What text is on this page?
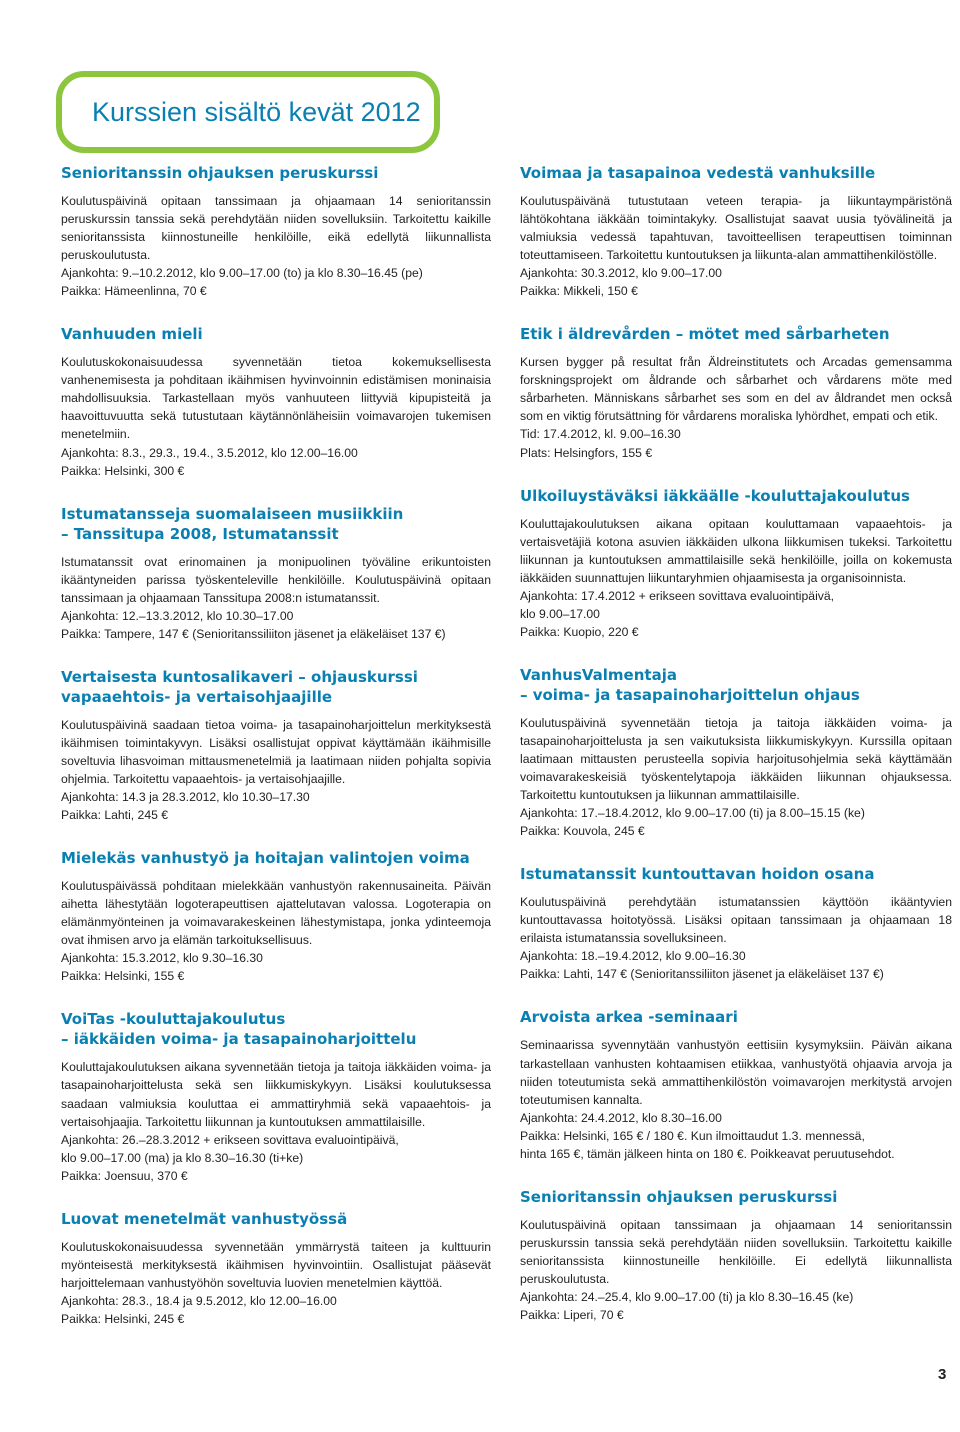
Kurssien sisältö kevät 2012
Senioritanssin ohjauksen peruskurssi

Koulutuspäivinä opitaan tanssimaan ja ohjaamaan 14 senioritanssin peruskurssin tanssia sekä perehdytään niiden sovelluksiin. Tarkoitettu kaikille senioritanssista kiinnostuneille henkilöille, eikä edellytä liikunnallista peruskoulutusta.

Ajankohta: 9.–10.2.2012, klo 9.00–17.00 (to) ja klo 8.30–16.45 (pe)
Paikka: Hämeenlinna, 70 €
Vanhuuden mieli

Koulutuskokonaisuudessa syvennetään tietoa kokemuksellisesta vanhenemisesta ja pohditaan ikäihmisen hyvinvoinnin edistämisen moninaisia mahdollisuuksia. Tarkastellaan myös vanhuuteen liittyviä kipupisteitä ja haavoittuvuutta sekä tutustutaan käytännönläheisiin voimavarojen tukemisen menetelmiin.

Ajankohta: 8.3., 29.3., 19.4., 3.5.2012, klo 12.00–16.00
Paikka: Helsinki, 300 €
Istumatansseja suomalaiseen musiikkiin
– Tanssitupa 2008, Istumatanssit

Istumatanssit ovat erinomainen ja monipuolinen työväline erikuntoisten ikääntyneiden parissa työskenteleville henkilöille. Koulutuspäivinä opitaan tanssimaan ja ohjaamaan Tanssitupa 2008:n istumatanssit.

Ajankohta: 12.–13.3.2012, klo 10.30–17.00
Paikka: Tampere, 147 € (Senioritanssiliiton jäsenet ja eläkeläiset 137 €)
Vertaisesta kuntosalikaveri – ohjauskurssi
vapaaehtois- ja vertaisohjaajille

Koulutuspäivinä saadaan tietoa voima- ja tasapainoharjoittelun merkityksestä ikäihmisen toimintakyvyn. Lisäksi osallistujat oppivat käyttämään ikäihmisille soveltuvia lihasvoiman mittausmenetelmiä ja laatimaan niiden pohjalta sopivia ohjelmia. Tarkoitettu vapaaehtois- ja vertaisohjaajille.

Ajankohta: 14.3 ja 28.3.2012, klo 10.30–17.30
Paikka: Lahti, 245 €
Mielekäs vanhustyö ja hoitajan valintojen voima

Koulutuspäivässä pohditaan mielekkään vanhustyön rakennusaineita. Päivän aihetta lähestytään logoterapeuttisen ajattelutavan valossa. Logoterapia on elämänmyönteinen ja voimavarakeskeinen lähestymistapa, jonka ydinteemoja ovat ihmisen arvo ja elämän tarkoituksellisuus.

Ajankohta: 15.3.2012, klo 9.30–16.30
Paikka: Helsinki, 155 €
VoiTas -kouluttajakoulutus
– iäkkäiden voima- ja tasapainoharjoittelu

Kouluttajakoulutuksen aikana syvennetään tietoja ja taitoja iäkkäiden voima- ja tasapainoharjoittelusta sekä sen liikkumiskykyyn. Lisäksi koulutuksessa saadaan valmiuksia kouluttaa ei ammattiryhmiä sekä vapaaehtois- ja vertaisohjaajia. Tarkoitettu liikunnan ja kuntoutuksen ammattilaisille.

Ajankohta: 26.–28.3.2012 + erikseen sovittava evaluointipäivä,
klo 9.00–17.00 (ma) ja klo 8.30–16.30 (ti+ke)
Paikka: Joensuu, 370 €
Luovat menetelmät vanhustyössä

Koulutuskokonaisuudessa syvennetään ymmärrystä taiteen ja kulttuurin myönteisestä merkityksestä ikäihmisen hyvinvointiin. Osallistujat pääsevät harjoittelemaan vanhustyöhön soveltuvia luovien menetelmien käyttöä.

Ajankohta: 28.3., 18.4 ja 9.5.2012, klo 12.00–16.00
Paikka: Helsinki, 245 €
Voimaa ja tasapainoa vedestä vanhuksille

Koulutuspäivänä tutustutaan veteen terapia- ja liikuntaympäristönä lähtökohtana iäkkään toimintakyky. Osallistujat saavat uusia työvälineitä ja valmiuksia vedessä tapahtuvan, tavoitteellisen terapeuttisen toiminnan toteuttamiseen. Tarkoitettu kuntoutuksen ja liikunta-alan ammattihenkilöstölle.

Ajankohta: 30.3.2012, klo 9.00–17.00
Paikka: Mikkeli, 150 €
Etik i äldrevården – mötet med sårbarheten

Kursen bygger på resultat från Äldreinstitutets och Arcadas gemensamma forskningsprojekt om åldrande och sårbarhet och vårdarens möte med sårbarheten. Människans sårbarhet ses som en del av åldrandet men också som en viktig förutsättning för vårdarens moraliska lyhördhet, empati och etik.

Tid: 17.4.2012, kl. 9.00–16.30
Plats: Helsingfors, 155 €
Ulkoiluystäväksi iäkkäälle -kouluttajakoulutus

Kouluttajakoulutuksen aikana opitaan kouluttamaan vapaaehtois- ja vertaisvetäjiä kotona asuvien iäkkäiden ulkona liikkumisen tukeksi. Tarkoitettu liikunnan ja kuntoutuksen ammattilaisille sekä henkilöille, joilla on kokemusta iäkkäiden suunnattujen liikuntaryhmien ohjaamisesta ja organisoinnista.

Ajankohta: 17.4.2012 + erikseen sovittava evaluointipäivä,
klo 9.00–17.00
Paikka: Kuopio, 220 €
VanhusValmentaja
– voima- ja tasapainoharjoittelun ohjaus

Koulutuspäivinä syvennetään tietoja ja taitoja iäkkäiden voima- ja tasapainoharjoittelusta ja sen vaikutuksista liikkumiskykyyn. Kurssilla opitaan laatimaan mittausten perusteella sopivia harjoitusohjelmia sekä käyttämään voimavarakeskeisiä työskentelytapoja iäkkäiden liikunnan ohjauksessa. Tarkoitettu kuntoutuksen ja liikunnan ammattilaisille.

Ajankohta: 17.–18.4.2012, klo 9.00–17.00 (ti) ja 8.00–15.15 (ke)
Paikka: Kouvola, 245 €
Istumatanssit kuntouttavan hoidon osana

Koulutuspäivinä perehdytään istumatanssien käyttöön ikääntyvien kuntouttavassa hoitotyössä. Lisäksi opitaan tanssimaan ja ohjaamaan 18 erilaista istumatanssia sovelluksineen.

Ajankohta: 18.–19.4.2012, klo 9.00–16.30
Paikka: Lahti, 147 € (Senioritanssiliiton jäsenet ja eläkeläiset 137 €)
Arvoista arkea -seminaari

Seminaarissa syvennytään vanhustyön eettisiin kysymyksiin. Päivän aikana tarkastellaan vanhusten kohtaamisen etiikkaa, vanhustyötä ohjaavia arvoja ja niiden toteutumista sekä ammattihenkilöstön voimavarojen merkitystä arvojen toteutumisen kannalta.

Ajankohta: 24.4.2012, klo 8.30–16.00
Paikka: Helsinki, 165 € / 180 €. Kun ilmoittaudut 1.3. mennessä,
hinta 165 €, tämän jälkeen hinta on 180 €. Poikkeavat peruutusehdot.
Senioritanssin ohjauksen peruskurssi

Koulutuspäivinä opitaan tanssimaan ja ohjaamaan 14 senioritanssin peruskurssin tanssia sekä perehdytään niiden sovelluksiin. Tarkoitettu kaikille senioritanssista kiinnostuneille henkilöille. Ei edellytä liikunnallista peruskoulutusta.

Ajankohta: 24.–25.4, klo 9.00–17.00 (ti) ja klo 8.30–16.45 (ke)
Paikka: Liperi, 70 €
3
